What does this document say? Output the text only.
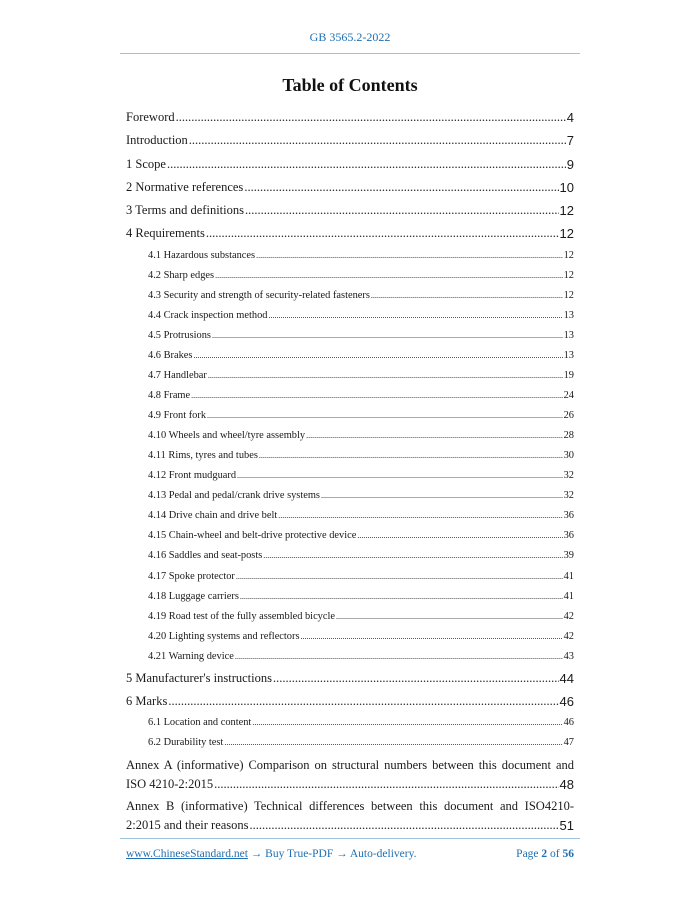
GB 3565.2-2022
Table of Contents
Foreword .....	4
Introduction .....	7
1 Scope .....	9
2 Normative references .....	10
3 Terms and definitions .....	12
4 Requirements .....	12
4.1 Hazardous substances .....	12
4.2 Sharp edges .....	12
4.3 Security and strength of security-related fasteners .....	12
4.4 Crack inspection method .....	13
4.5 Protrusions .....	13
4.6 Brakes .....	13
4.7 Handlebar .....	19
4.8 Frame .....	24
4.9 Front fork .....	26
4.10 Wheels and wheel/tyre assembly .....	28
4.11 Rims, tyres and tubes .....	30
4.12 Front mudguard .....	32
4.13 Pedal and pedal/crank drive systems .....	32
4.14 Drive chain and drive belt .....	36
4.15 Chain-wheel and belt-drive protective device .....	36
4.16 Saddles and seat-posts .....	39
4.17 Spoke protector .....	41
4.18 Luggage carriers .....	41
4.19 Road test of the fully assembled bicycle .....	42
4.20 Lighting systems and reflectors .....	42
4.21 Warning device .....	43
5 Manufacturer's instructions .....	44
6 Marks .....	46
6.1 Location and content .....	46
6.2 Durability test .....	47
Annex A (informative) Comparison on structural numbers between this document and
ISO 4210-2:2015 .....	48
Annex B (informative) Technical differences between this document and ISO4210-
2:2015 and their reasons .....	51
www.ChineseStandard.net → Buy True-PDF → Auto-delivery.	Page 2 of 56
